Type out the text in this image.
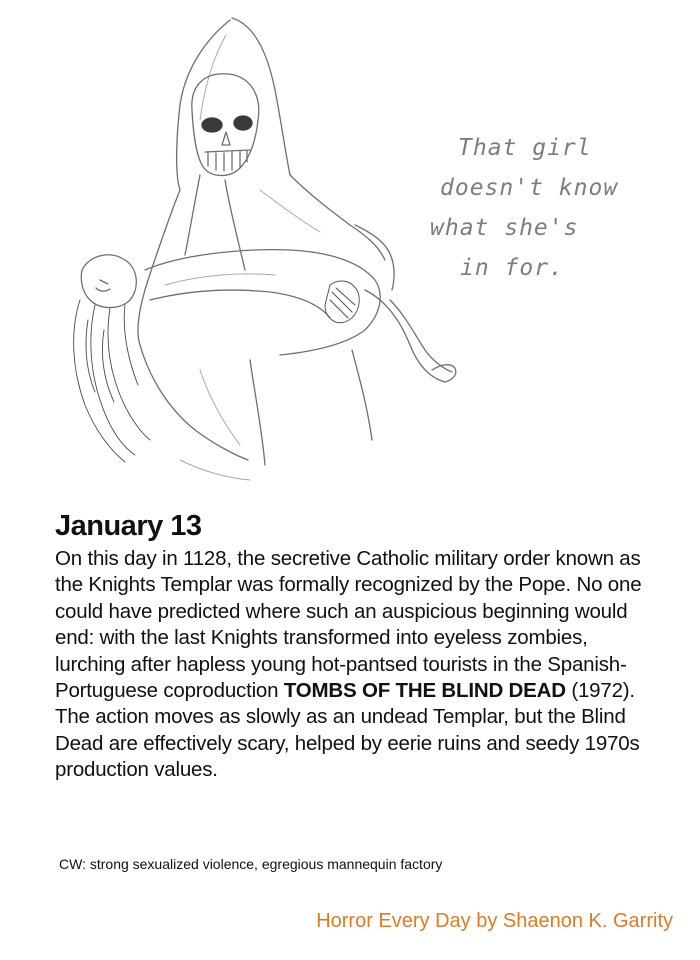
That girl
doesn't know
what she's
in for.
January 13
On this day in 1128, the secretive Catholic military order known as the Knights Templar was formally recognized by the Pope. No one could have predicted where such an auspicious beginning would end: with the last Knights transformed into eyeless zombies, lurching after hapless young hot-pantsed tourists in the Spanish-Portuguese coproduction TOMBS OF THE BLIND DEAD (1972). The action moves as slowly as an undead Templar, but the Blind Dead are effectively scary, helped by eerie ruins and seedy 1970s production values.
CW: strong sexualized violence, egregious mannequin factory
Horror Every Day by Shaenon K. Garrity
